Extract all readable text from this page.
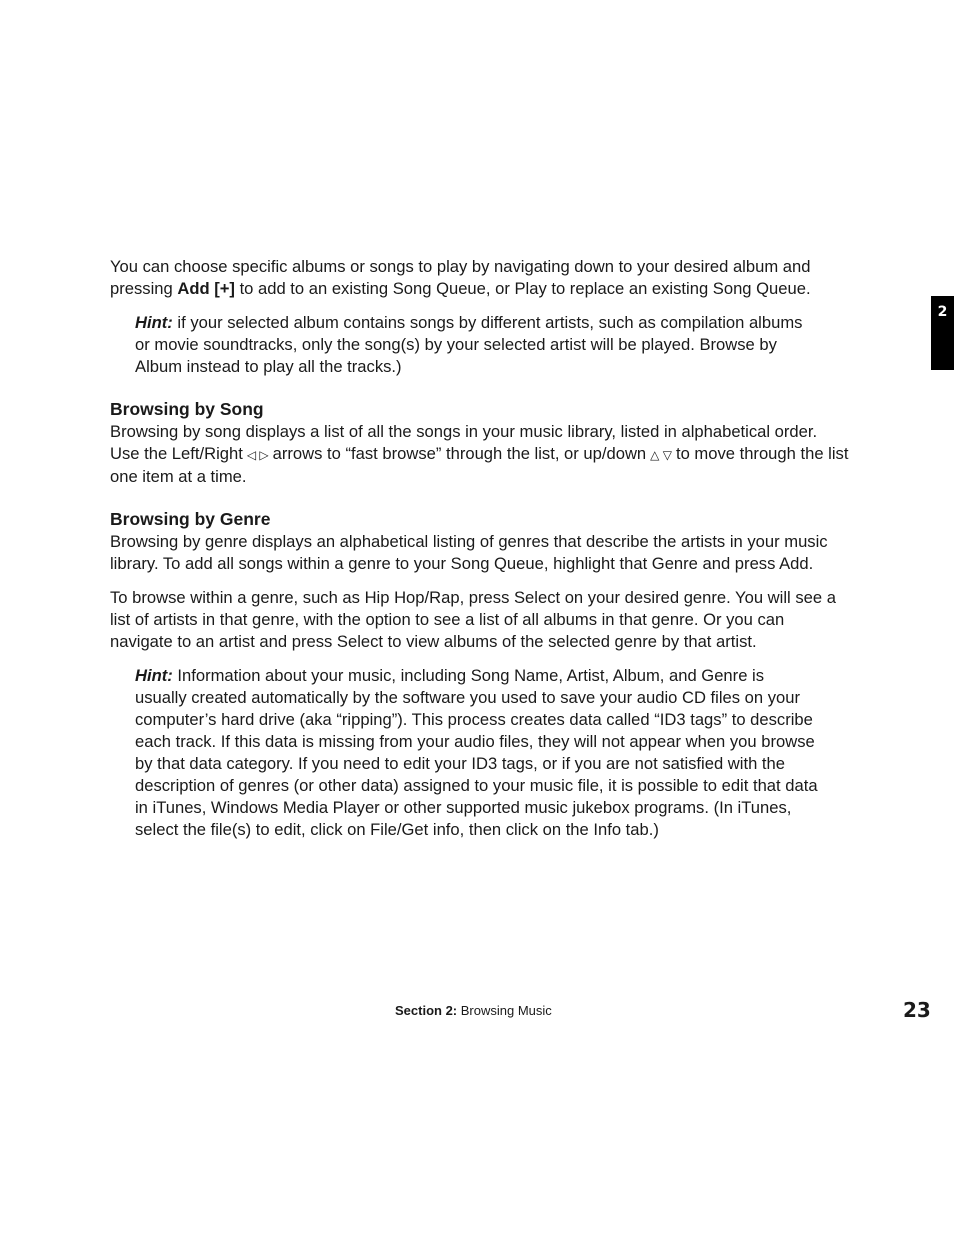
2

You can choose specific albums or songs to play by navigating down to your desired album and pressing Add [+] to add to an existing Song Queue, or Play to replace an existing Song Queue.

Hint: if your selected album contains songs by different artists, such as compilation albums or movie soundtracks, only the song(s) by your selected artist will be played. Browse by Album instead to play all the tracks.)

Browsing by Song

Browsing by song displays a list of all the songs in your music library, listed in alphabetical order. Use the Left/Right ◁ ▷ arrows to “fast browse” through the list, or up/down △ ▽ to move through the list one item at a time.

Browsing by Genre

Browsing by genre displays an alphabetical listing of genres that describe the artists in your music library. To add all songs within a genre to your Song Queue, highlight that Genre and press Add.

To browse within a genre, such as Hip Hop/Rap, press Select on your desired genre. You will see a list of artists in that genre, with the option to see a list of all albums in that genre. Or you can navigate to an artist and press Select to view albums of the selected genre by that artist.

Hint: Information about your music, including Song Name, Artist, Album, and Genre is usually created automatically by the software you used to save your audio CD files on your computer’s hard drive (aka “ripping”). This process creates data called “ID3 tags” to describe each track. If this data is missing from your audio files, they will not appear when you browse by that data category. If you need to edit your ID3 tags, or if you are not satisfied with the description of genres (or other data) assigned to your music file, it is possible to edit that data in iTunes, Windows Media Player or other supported music jukebox programs. (In iTunes, select the file(s) to edit, click on File/Get info, then click on the Info tab.)

Section 2: Browsing Music	23
